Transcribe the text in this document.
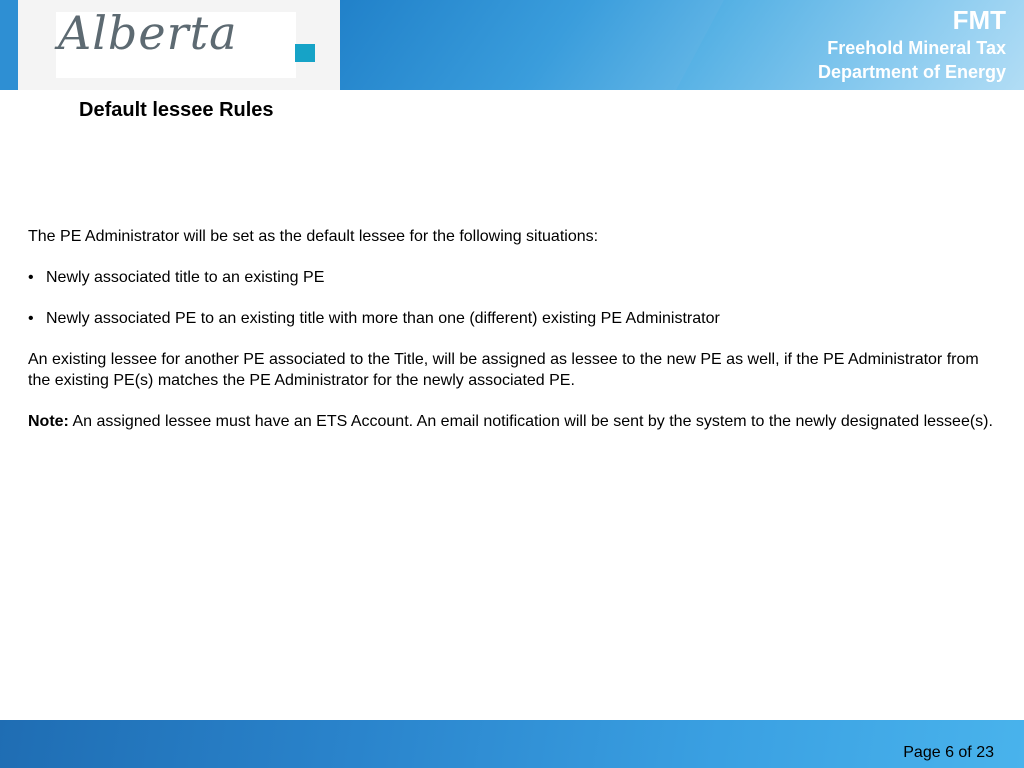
Alberta	FMT
Freehold Mineral Tax
Department of Energy
Default lessee Rules

The PE Administrator will be set as the default lessee for the following situations:

• Newly associated title to an existing PE
• Newly associated PE to an existing title with more than one (different) existing PE Administrator

An existing lessee for another PE associated to the Title, will be assigned as lessee to the new PE as well, if the PE Administrator from the existing PE(s) matches the PE Administrator for the newly associated PE.

Note: An assigned lessee must have an ETS Account. An email notification will be sent by the system to the newly designated lessee(s).

Page 6 of 23
